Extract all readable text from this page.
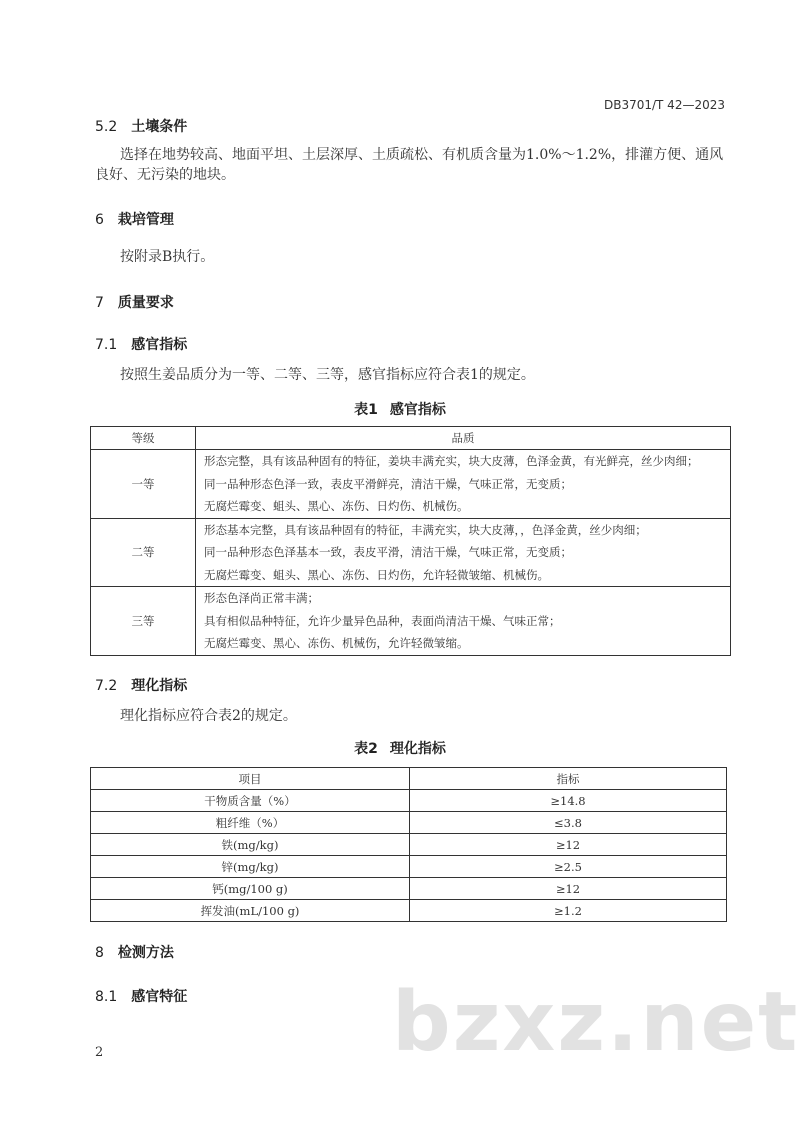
DB3701/T 42—2023
5.2 土壤条件
选择在地势较高、地面平坦、土层深厚、土质疏松、有机质含量为1.0%～1.2%，排灌方便、通风
良好、无污染的地块。
6 栽培管理
按附录B执行。
7 质量要求
7.1 感官指标
按照生姜品质分为一等、二等、三等，感官指标应符合表1的规定。
表1 感官指标
等级	品质
一等	形态完整，具有该品种固有的特征，姜块丰满充实，块大皮薄，色泽金黄，有光鲜亮，丝少肉细；
同一品种形态色泽一致，表皮平滑鲜亮，清洁干燥，气味正常，无变质；
无腐烂霉变、蛆头、黑心、冻伤、日灼伤、机械伤。

二等	形态基本完整，具有该品种固有的特征，丰满充实，块大皮薄，，色泽金黄，丝少肉细；
同一品种形态色泽基本一致，表皮平滑，清洁干燥，气味正常，无变质；
无腐烂霉变、蛆头、黑心、冻伤、日灼伤，允许轻微皱缩、机械伤。

三等	形态色泽尚正常丰满；
具有相似品种特征，允许少量异色品种，表面尚清洁干燥、气味正常；
无腐烂霉变、黑心、冻伤、机械伤，允许轻微皱缩。
7.2 理化指标
理化指标应符合表2的规定。
表2 理化指标
项目	指标
干物质含量（%）	≥14.8
粗纤维（%）	≤3.8
铁(mg/kg)	≥12
锌(mg/kg)	≥2.5
钙(mg/100 g)	≥12
挥发油(mL/100 g)	≥1.2
8 检测方法
8.1 感官特征 bzxz.net
2
